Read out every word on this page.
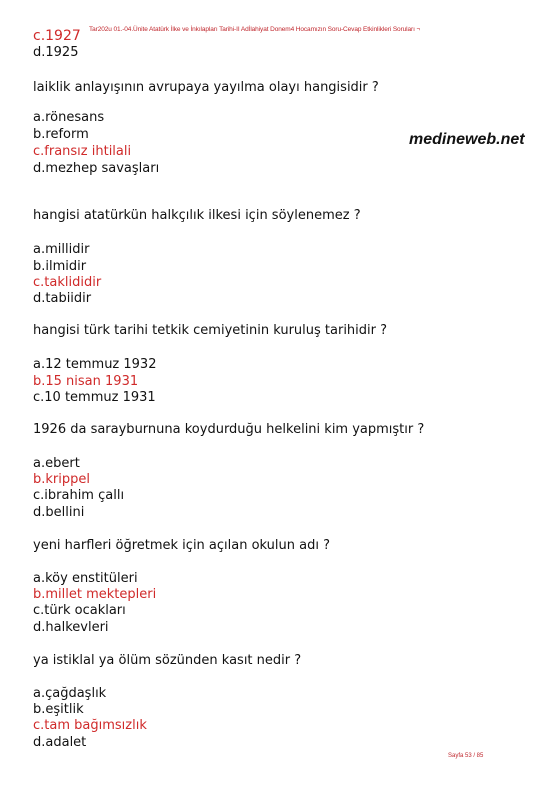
c.1927 Tar202u 01.-04.Ünite Atatürk İlke ve İnkılapları Tarihi-II Adİlahiyat Donem4 Hocamızın Soru-Cevap Etkinlikleri Soruları ¬
d.1925
laiklik anlayışının avrupaya yayılma olayı hangisidir ?
a.rönesans
b.reform
c.fransız ihtilali
d.mezhep savaşları
medineweb.net
hangisi atatürkün halkçılık ilkesi için söylenemez ?
a.millidir
b.ilmidir
c.taklididir
d.tabiidir
hangisi türk tarihi tetkik cemiyetinin kuruluş tarihidir ?
a.12 temmuz 1932
b.15 nisan 1931
c.10 temmuz 1931
1926 da sarayburnuna koydurduğu helkelini kim yapmıştır ?
a.ebert
b.krippel
c.ibrahim çallı
d.bellini
yeni harfleri öğretmek için açılan okulun adı ?
a.köy enstitüleri
b.millet mektepleri
c.türk ocakları
d.halkevleri
ya istiklal ya ölüm sözünden kasıt nedir ?
a.çağdaşlık
b.eşitlik
c.tam bağımsızlık
d.adalet
Sayfa 53 / 85
